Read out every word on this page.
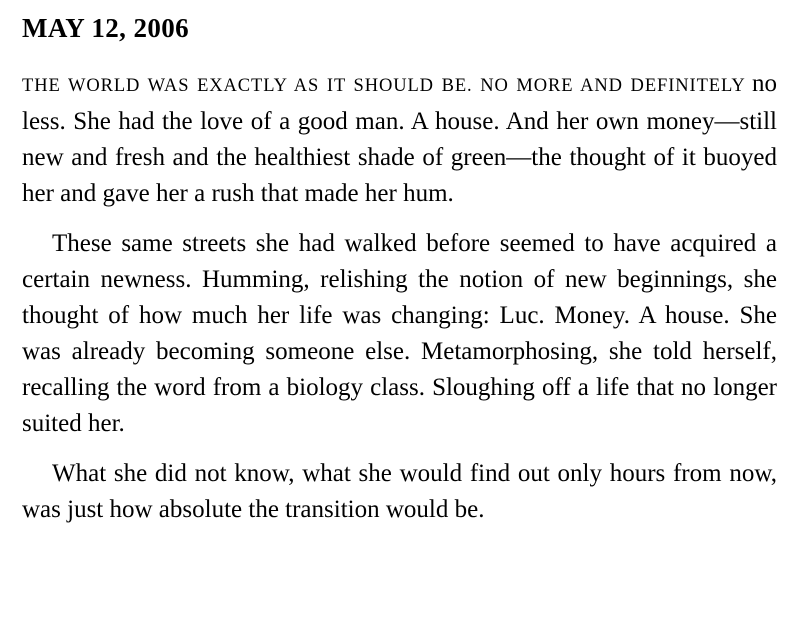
MAY 12, 2006

THE WORLD WAS EXACTLY AS IT SHOULD BE. NO MORE AND DEFINITELY no less. She had the love of a good man. A house. And her own money—still new and fresh and the healthiest shade of green—the thought of it buoyed her and gave her a rush that made her hum.

These same streets she had walked before seemed to have acquired a certain newness. Humming, relishing the notion of new beginnings, she thought of how much her life was changing: Luc. Money. A house. She was already becoming someone else. Metamorphosing, she told herself, recalling the word from a biology class. Sloughing off a life that no longer suited her.

What she did not know, what she would find out only hours from now, was just how absolute the transition would be.
